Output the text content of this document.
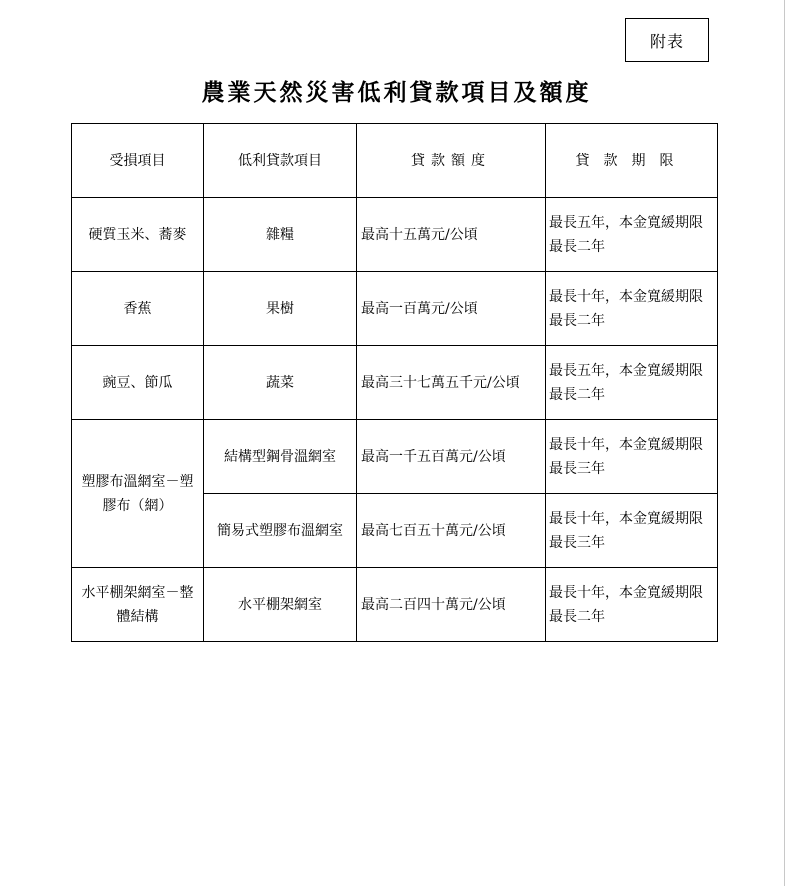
附表
農業天然災害低利貸款項目及額度
受損項目	低利貸款項目	貸款額度	貸款期限
硬質玉米、蕎麥	雜糧	最高十五萬元/公頃	最長五年，本金寬緩期限最長二年
香蕉	果樹	最高一百萬元/公頃	最長十年，本金寬緩期限最長二年
豌豆、節瓜	蔬菜	最高三十七萬五千元/公頃	最長五年，本金寬緩期限最長二年
塑膠布溫網室－塑膠布（網）	結構型鋼骨溫網室	最高一千五百萬元/公頃	最長十年，本金寬緩期限最長三年
	簡易式塑膠布溫網室	最高七百五十萬元/公頃	最長十年，本金寬緩期限最長三年
水平棚架網室－整體結構	水平棚架網室	最高二百四十萬元/公頃	最長十年，本金寬緩期限最長二年
